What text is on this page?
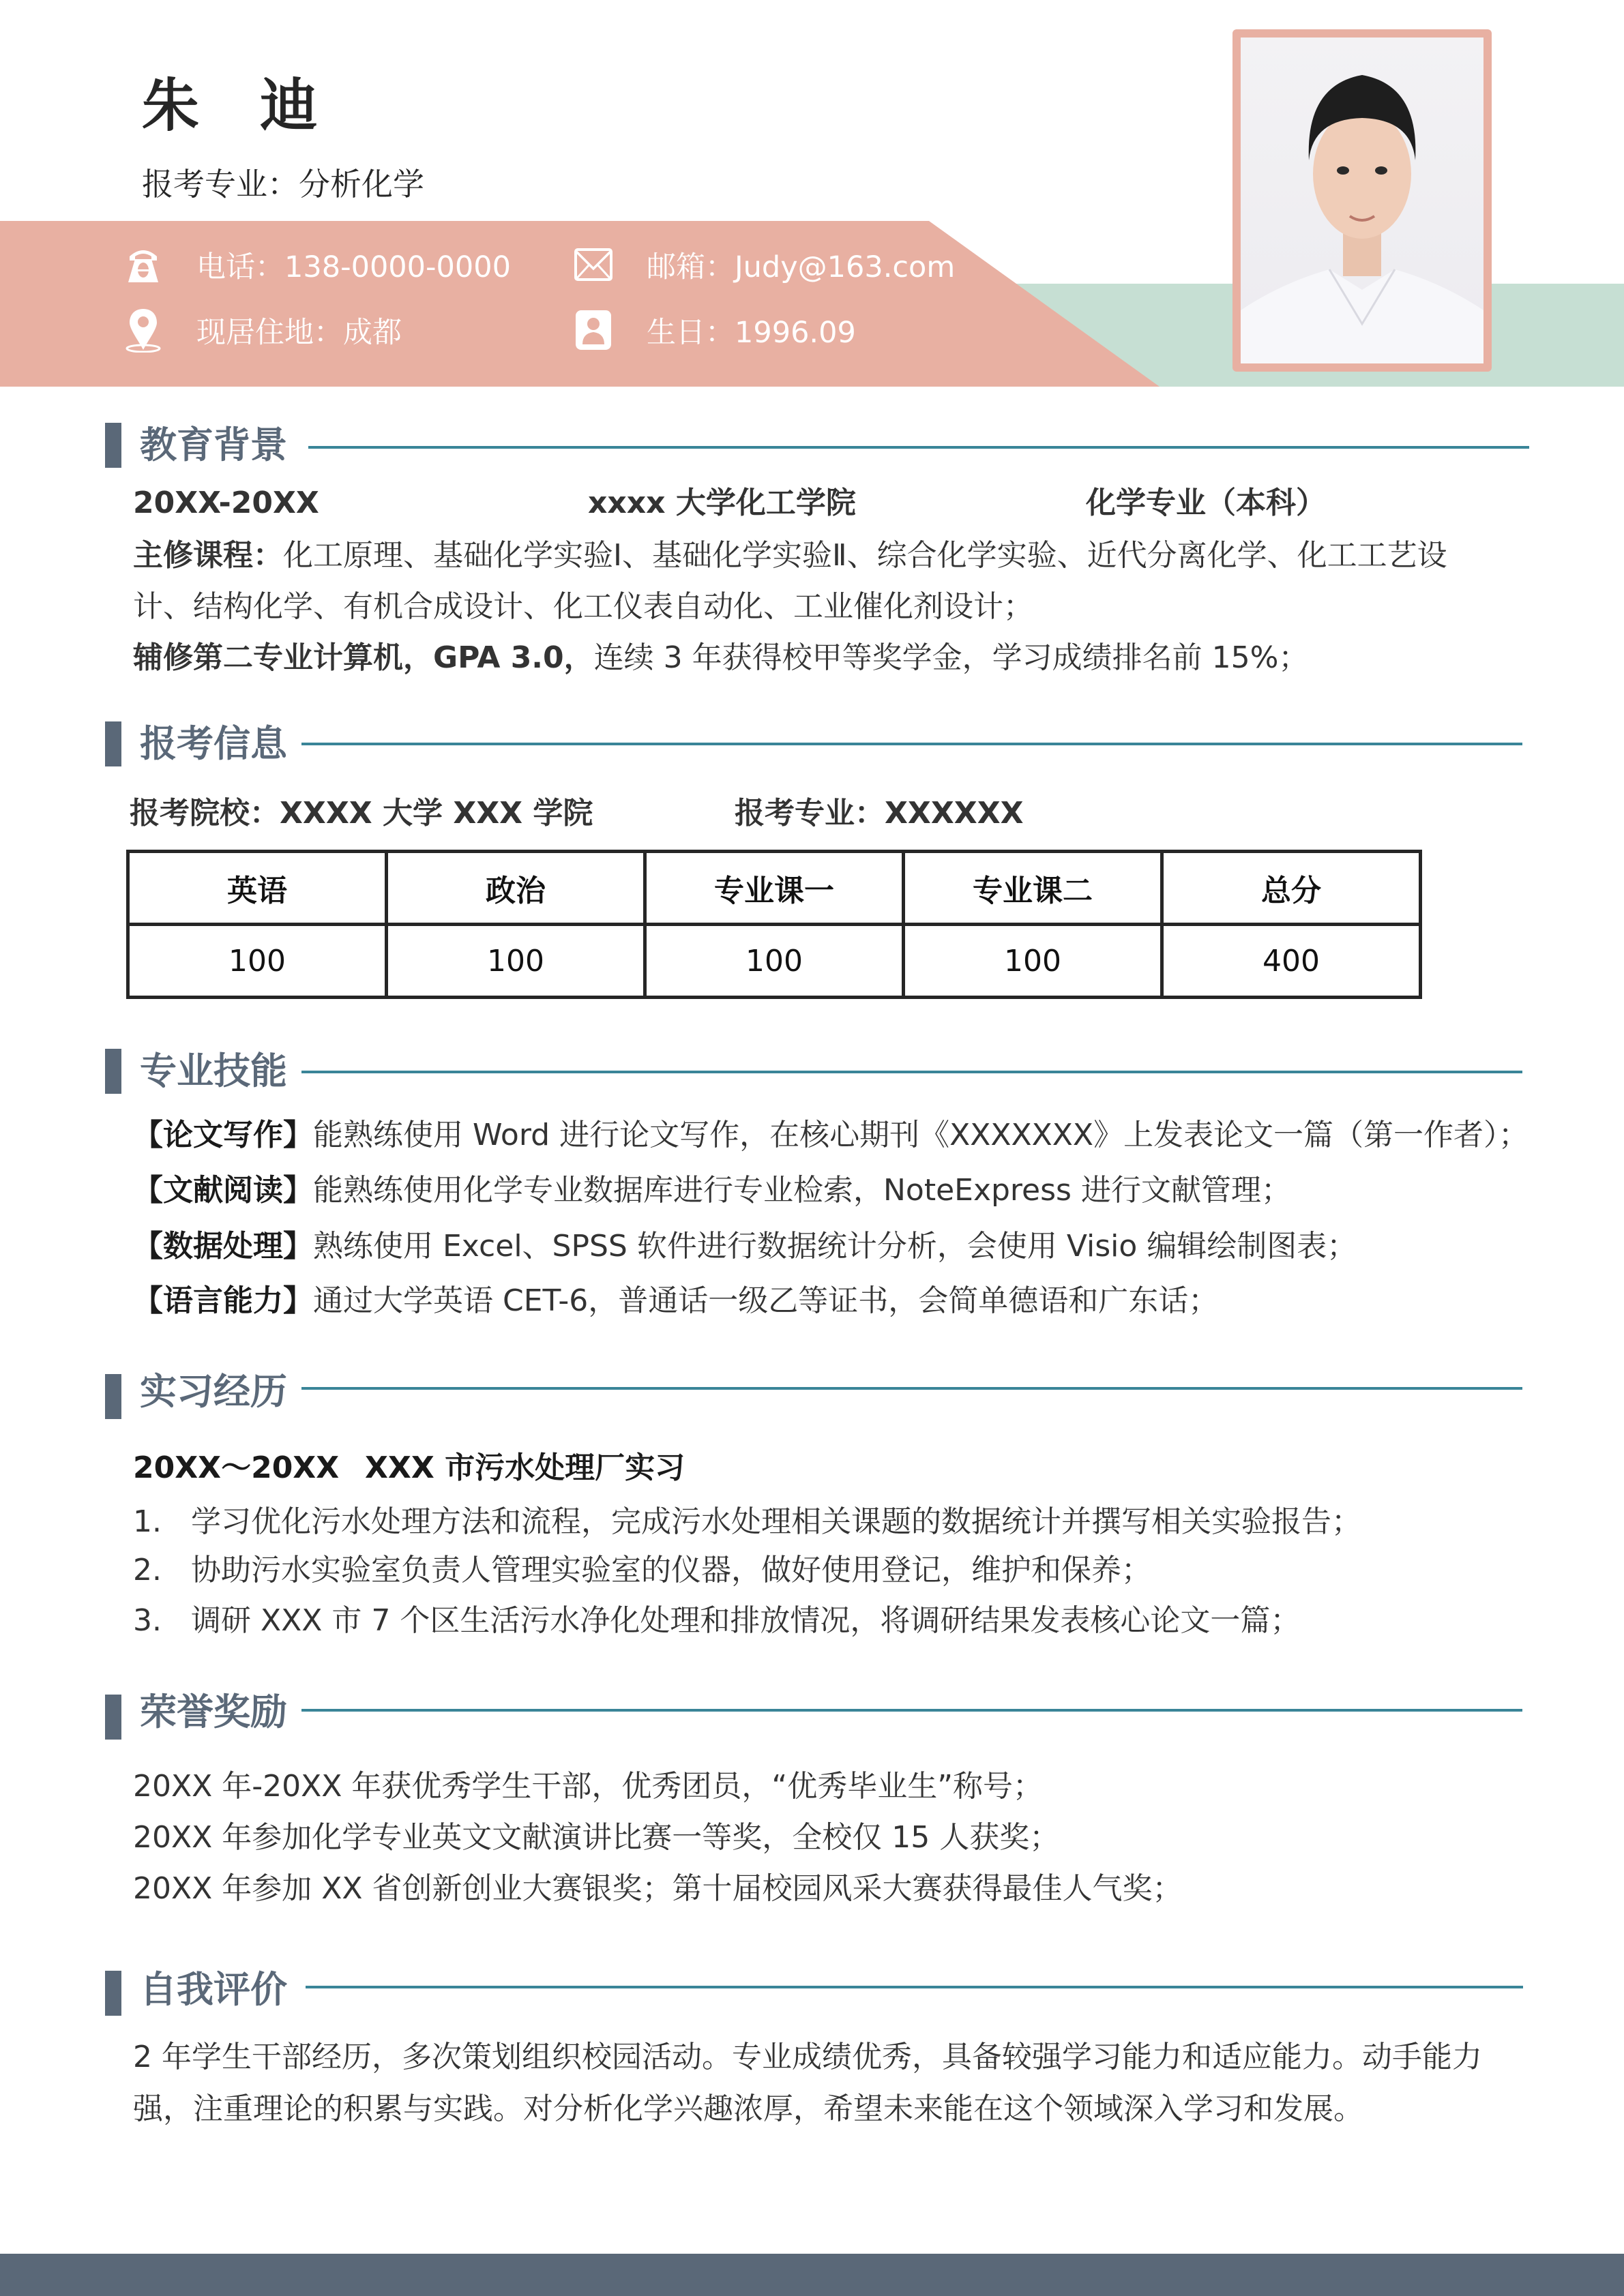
朱 迪
报考专业：分析化学
电话：138-0000-0000	邮箱：Judy@163.com
现居住地：成都	生日：1996.09
教育背景
20XX-20XX	xxxx 大学化工学院	化学专业（本科）
主修课程：化工原理、基础化学实验Ⅰ、基础化学实验Ⅱ、综合化学实验、近代分离化学、化工工艺设
计、结构化学、有机合成设计、化工仪表自动化、工业催化剂设计；
辅修第二专业计算机，GPA 3.0，连续 3 年获得校甲等奖学金，学习成绩排名前 15%；
报考信息
报考院校：XXXX 大学 XXX 学院	报考专业：XXXXXX
英语	政治	专业课一	专业课二	总分
100	100	100	100	400
专业技能
【论文写作】能熟练使用 Word 进行论文写作，在核心期刊《XXXXXXX》上发表论文一篇（第一作者）；
【文献阅读】能熟练使用化学专业数据库进行专业检索，NoteExpress 进行文献管理；
【数据处理】熟练使用 Excel、SPSS 软件进行数据统计分析，会使用 Visio 编辑绘制图表；
【语言能力】通过大学英语 CET-6，普通话一级乙等证书，会简单德语和广东话；
实习经历
20XX～20XX XXX 市污水处理厂实习
1. 学习优化污水处理方法和流程，完成污水处理相关课题的数据统计并撰写相关实验报告；
2. 协助污水实验室负责人管理实验室的仪器，做好使用登记，维护和保养；
3. 调研 XXX 市 7 个区生活污水净化处理和排放情况，将调研结果发表核心论文一篇；
荣誉奖励
20XX 年-20XX 年获优秀学生干部，优秀团员，“优秀毕业生”称号；
20XX 年参加化学专业英文文献演讲比赛一等奖，全校仅 15 人获奖；
20XX 年参加 XX 省创新创业大赛银奖；第十届校园风采大赛获得最佳人气奖；
自我评价
2 年学生干部经历，多次策划组织校园活动。专业成绩优秀，具备较强学习能力和适应能力。动手能力
强，注重理论的积累与实践。对分析化学兴趣浓厚，希望未来能在这个领域深入学习和发展。
